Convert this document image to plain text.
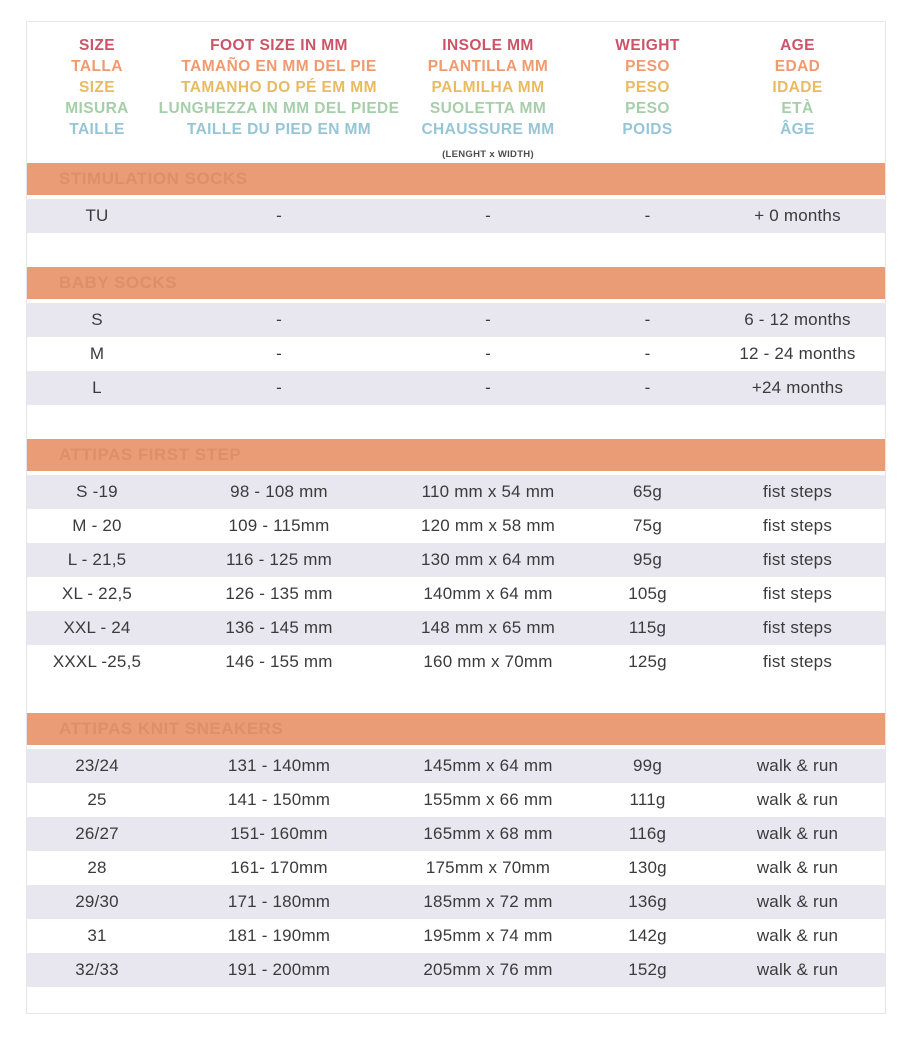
SIZE	FOOT SIZE IN MM	INSOLE MM	WEIGHT	AGE
TALLA	TAMAÑO EN MM DEL PIE	PLANTILLA MM	PESO	EDAD
SIZE	TAMANHO DO PÉ EM MM	PALMILHA MM	PESO	IDADE
MISURA	LUNGHEZZA IN MM DEL PIEDE	SUOLETTA MM	PESO	ETÀ
TAILLE	TAILLE DU PIED EN MM	CHAUSSURE MM	POIDS	ÂGE
(LENGHT x WIDTH)
STIMULATION SOCKS
TU	-	-	-	+ 0 months
BABY SOCKS
S	-	-	-	6 - 12 months
M	-	-	-	12 - 24 months
L	-	-	-	+24 months
ATTIPAS FIRST STEP
S -19	98 - 108 mm	110 mm x 54 mm	65g	fist steps
M - 20	109 - 115mm	120 mm x 58 mm	75g	fist steps
L - 21,5	116 - 125 mm	130 mm x 64 mm	95g	fist steps
XL - 22,5	126 - 135 mm	140mm x 64 mm	105g	fist steps
XXL - 24	136 - 145 mm	148 mm x 65 mm	115g	fist steps
XXXL -25,5	146 - 155 mm	160 mm x 70mm	125g	fist steps
ATTIPAS KNIT SNEAKERS
23/24	131 - 140mm	145mm x 64 mm	99g	walk & run
25	141 - 150mm	155mm x 66 mm	111g	walk & run
26/27	151- 160mm	165mm x 68 mm	116g	walk & run
28	161- 170mm	175mm x 70mm	130g	walk & run
29/30	171 - 180mm	185mm x 72 mm	136g	walk & run
31	181 - 190mm	195mm x 74 mm	142g	walk & run
32/33	191 - 200mm	205mm x 76 mm	152g	walk & run
